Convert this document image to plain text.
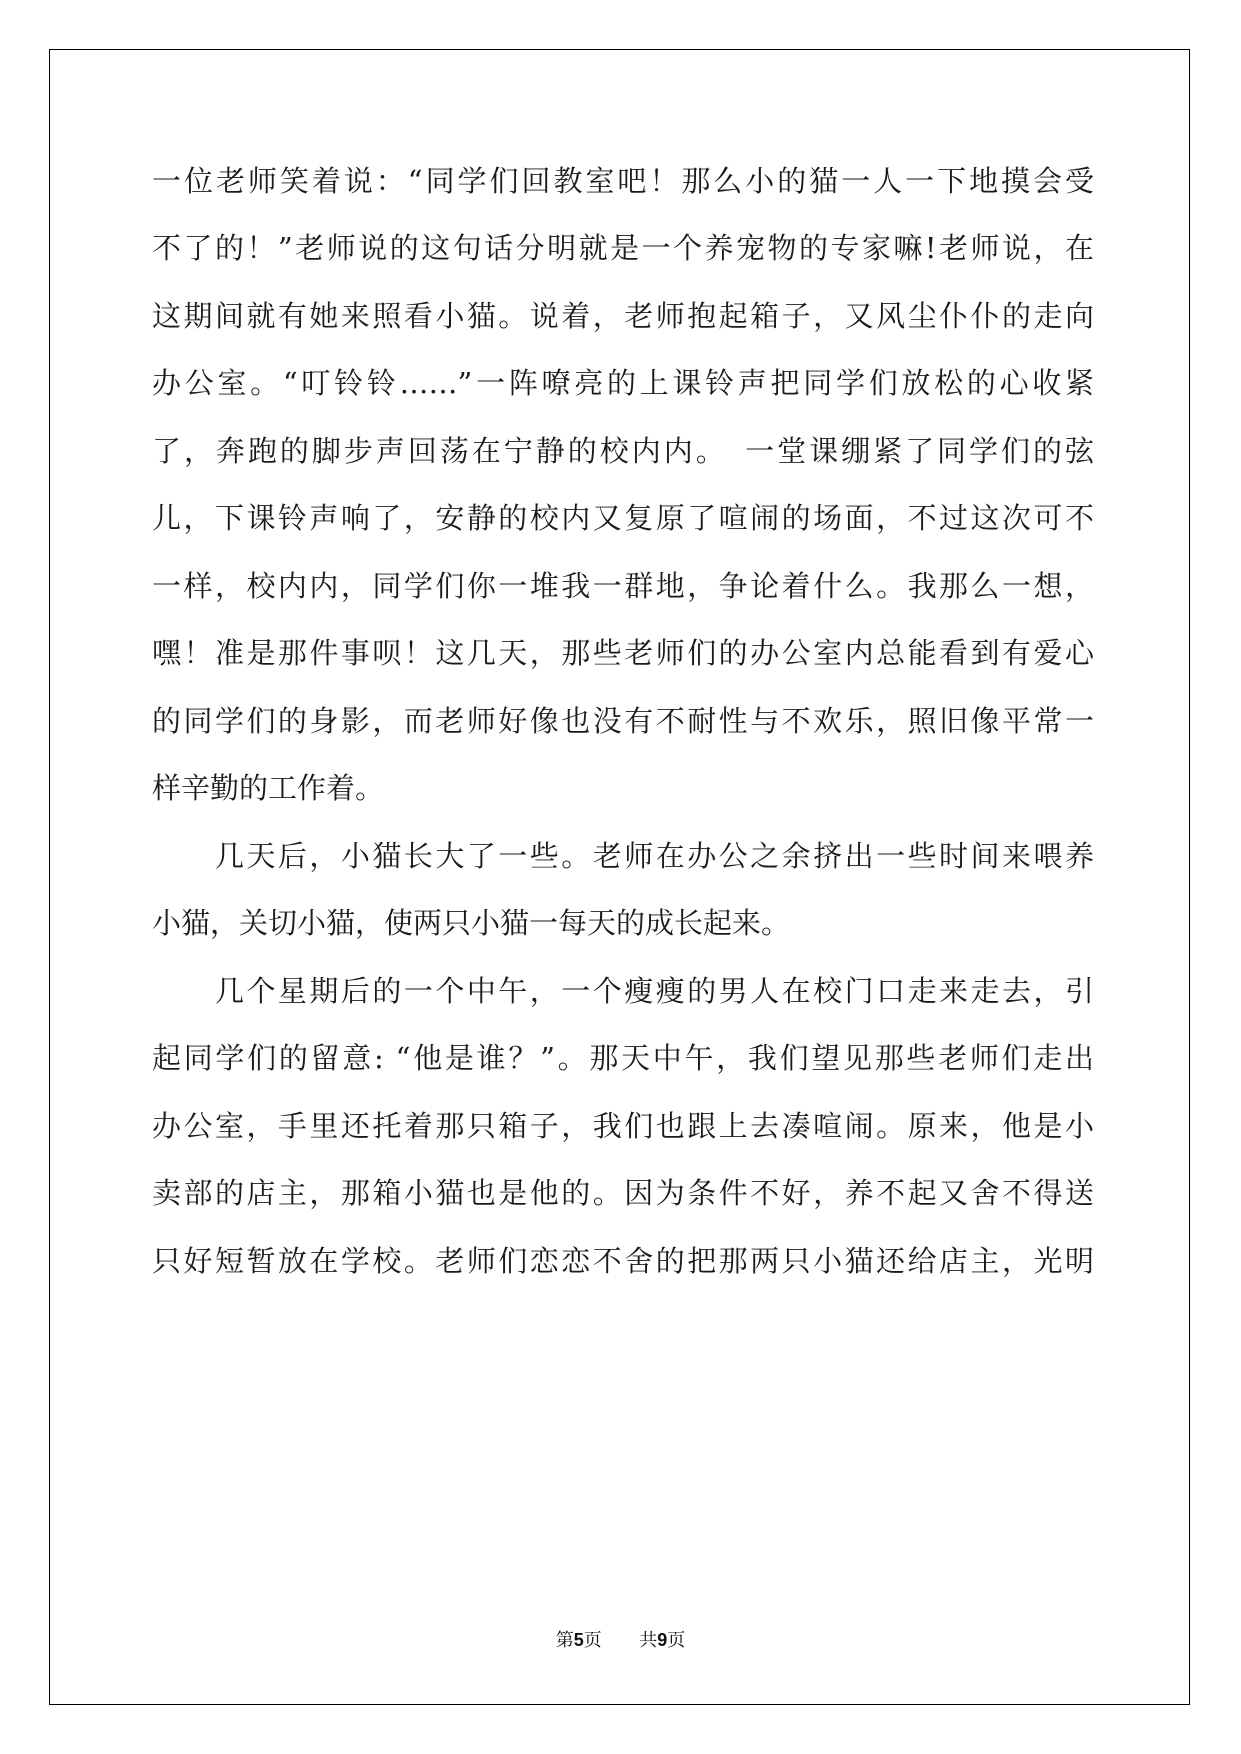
一位老师笑着说：“同学们回教室吧！那么小的猫一人一下地摸会受
不了的！”老师说的这句话分明就是一个养宠物的专家嘛!老师说，在
这期间就有她来照看小猫。说着，老师抱起箱子，又风尘仆仆的走向
办公室。“叮铃铃……”一阵嘹亮的上课铃声把同学们放松的心收紧
了，奔跑的脚步声回荡在宁静的校内内。　一堂课绷紧了同学们的弦
儿，下课铃声响了，安静的校内又复原了喧闹的场面，不过这次可不
一样，校内内，同学们你一堆我一群地，争论着什么。我那么一想，
嘿！准是那件事呗！这几天，那些老师们的办公室内总能看到有爱心
的同学们的身影，而老师好像也没有不耐性与不欢乐，照旧像平常一
样辛勤的工作着。
　　几天后，小猫长大了一些。老师在办公之余挤出一些时间来喂养
小猫，关切小猫，使两只小猫一每天的成长起来。
　　几个星期后的一个中午，一个瘦瘦的男人在校门口走来走去，引
起同学们的留意: “他是谁？”。那天中午，我们望见那些老师们走出
办公室，手里还托着那只箱子，我们也跟上去凑喧闹。原来，他是小
卖部的店主，那箱小猫也是他的。因为条件不好，养不起又舍不得送
只好短暂放在学校。老师们恋恋不舍的把那两只小猫还给店主，光明
第5页 共9页
